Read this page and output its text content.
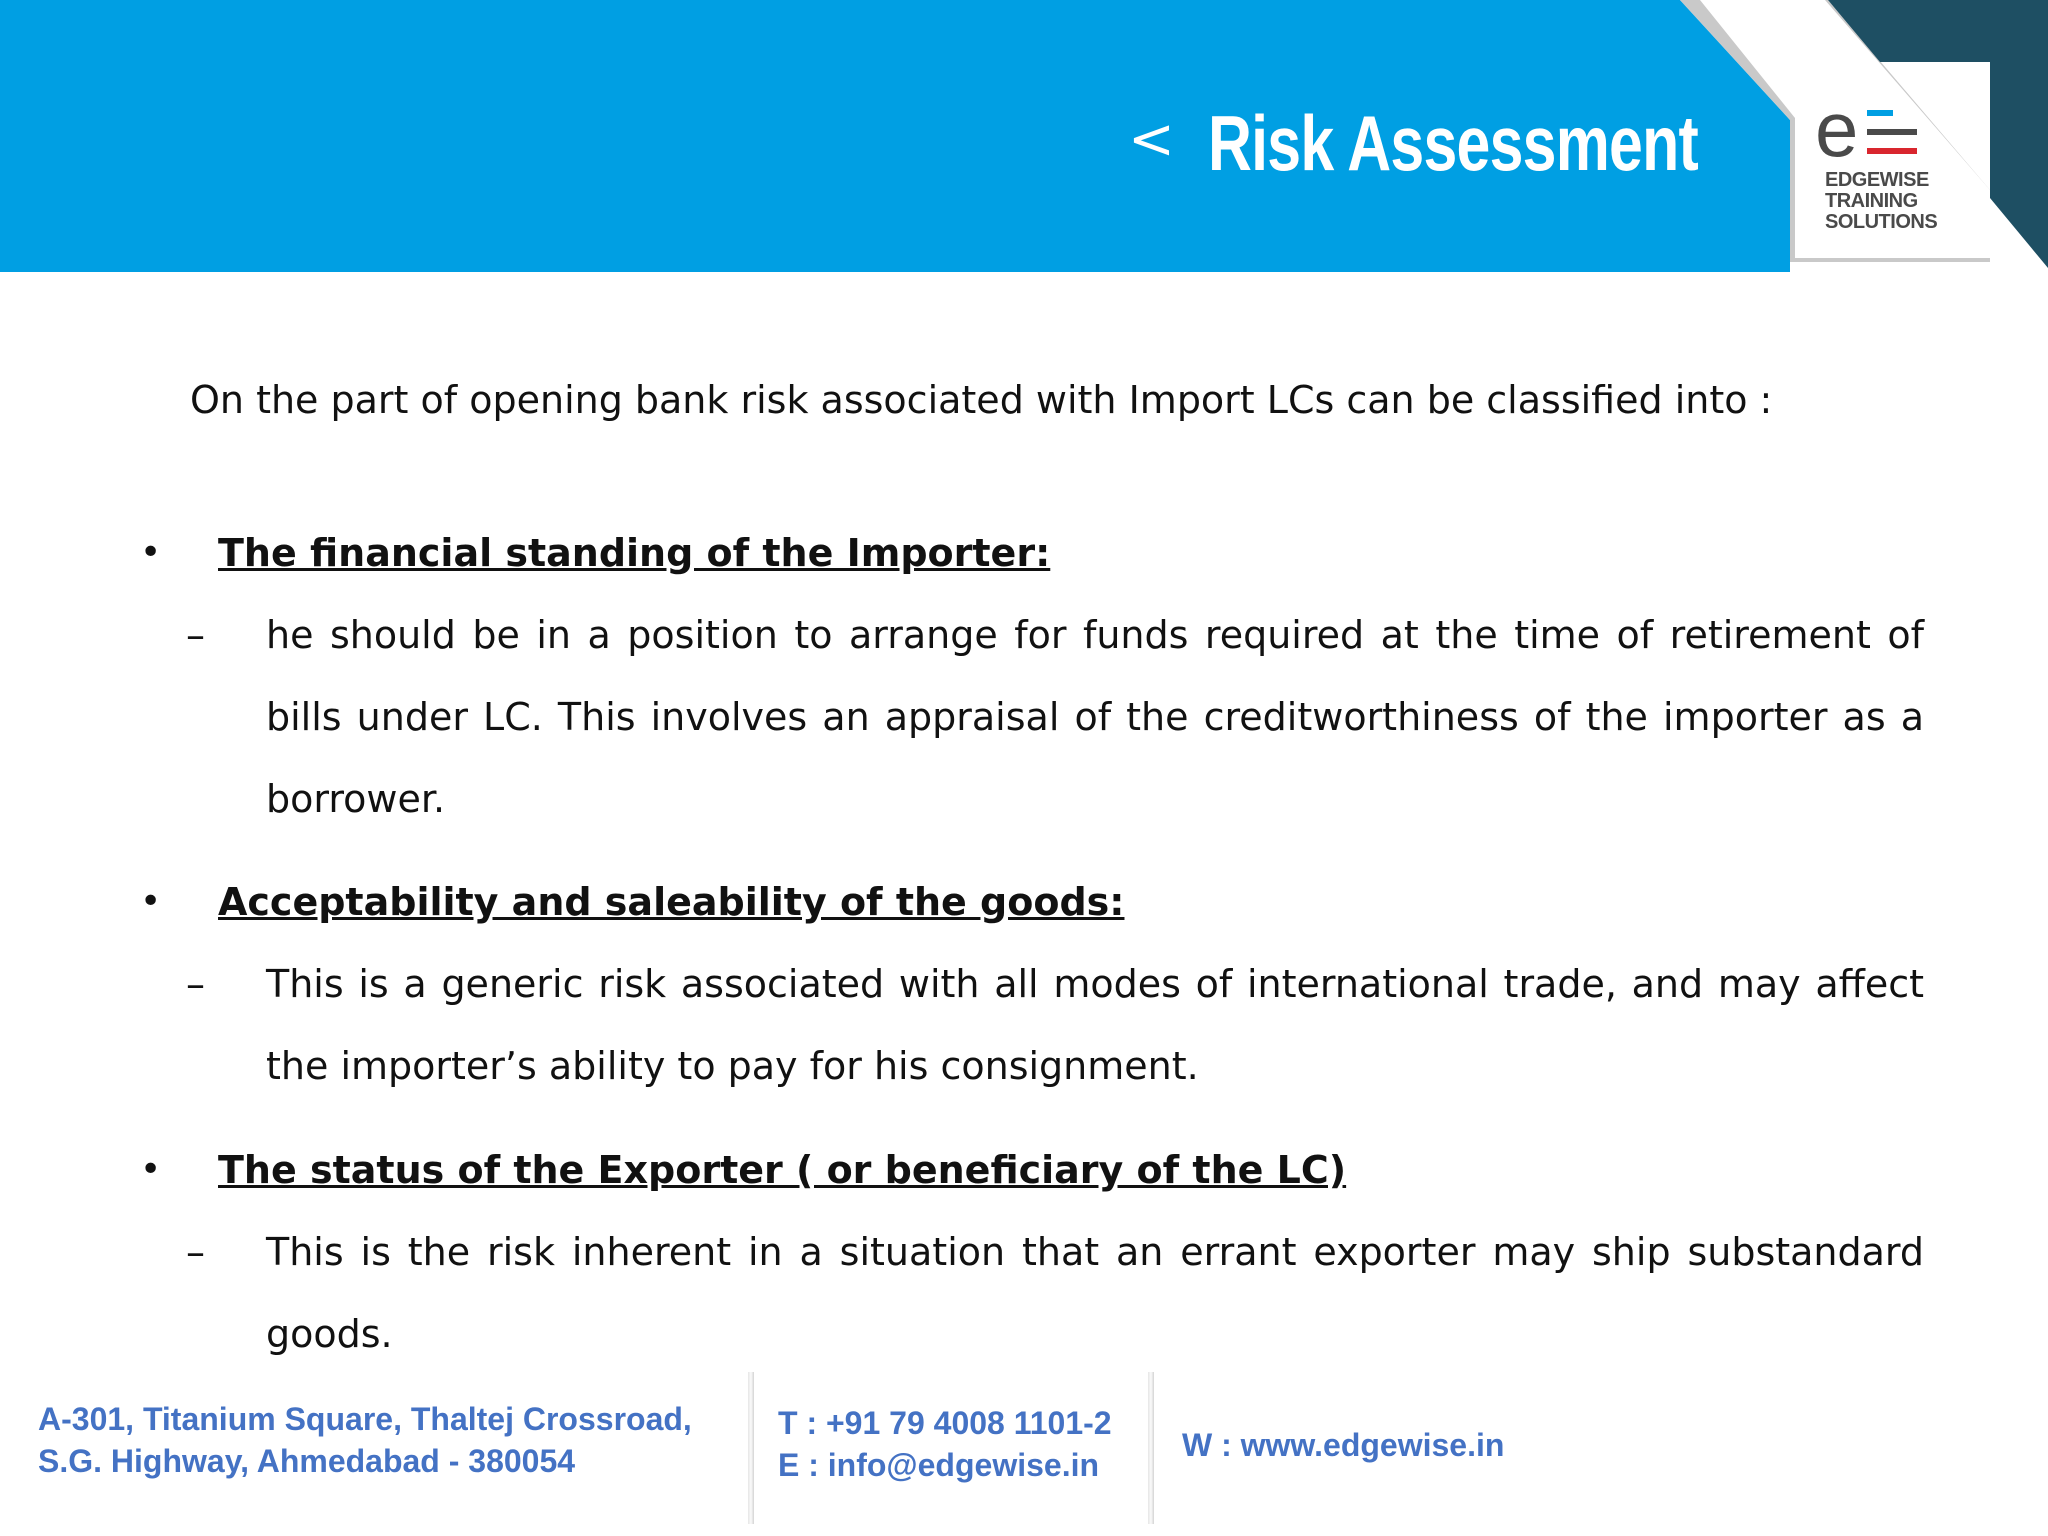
< Risk Assessment e
EDGEWISE
TRAINING
SOLUTIONS
On the part of opening bank risk associated with Import LCs can be classified into :
• The financial standing of the Importer:
–	he should be in a position to arrange for funds required at the time of retirement of bills under LC. This involves an appraisal of the creditworthiness of the importer as a borrower.
• Acceptability and saleability of the goods:
–	This is a generic risk associated with all modes of international trade, and may affect the importer’s ability to pay for his consignment.
• The status of the Exporter ( or beneficiary of the LC)
–	This is the risk inherent in a situation that an errant exporter may ship substandard goods.
A-301, Titanium Square, Thaltej Crossroad,
S.G. Highway, Ahmedabad - 380054
T : +91 79 4008 1101-2
E : info@edgewise.in
W : www.edgewise.in
